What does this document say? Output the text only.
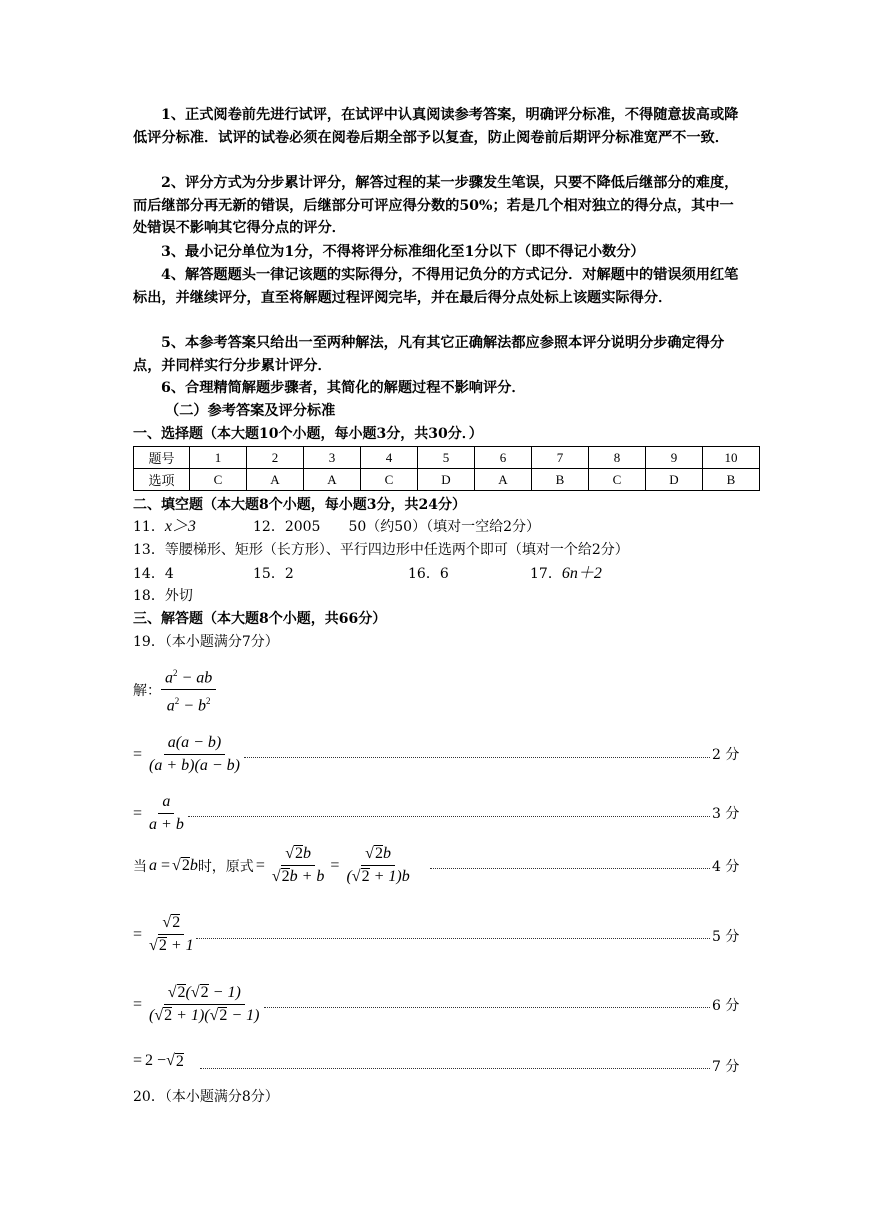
1、正式阅卷前先进行试评，在试评中认真阅读参考答案，明确评分标准，不得随意拔高或降低评分标准．试评的试卷必须在阅卷后期全部予以复查，防止阅卷前后期评分标准宽严不一致．

2、评分方式为分步累计评分，解答过程的某一步骤发生笔误，只要不降低后继部分的难度，而后继部分再无新的错误，后继部分可评应得分数的50%；若是几个相对独立的得分点，其中一处错误不影响其它得分点的评分．

3、最小记分单位为1分，不得将评分标准细化至1分以下（即不得记小数分）

4、解答题题头一律记该题的实际得分，不得用记负分的方式记分．对解题中的错误须用红笔标出，并继续评分，直至将解题过程评阅完毕，并在最后得分点处标上该题实际得分．

5、本参考答案只给出一至两种解法，凡有其它正确解法都应参照本评分说明分步确定得分点，并同样实行分步累计评分．

6、合理精简解题步骤者，其简化的解题过程不影响评分．

（二）参考答案及评分标准

一、选择题（本大题10个小题，每小题3分，共30分．）
题号	1	2	3	4	5	6	7	8	9	10
选项	C	A	A	C	D	A	B	C	D	B
二、填空题（本大题8个小题，每小题3分，共24分）
11．x＞3	12．2005　　50（约50）（填对一空给2分）
13．等腰梯形、矩形（长方形）、平行四边形中任选两个即可（填对一个给2分）
14．4	15．2	16．6	17．6n＋2
18．外切
三、解答题（本大题8个小题，共66分）
19．（本小题满分7分）
解： $\frac{a^2 - ab}{a^2 - b^2}$
= $\frac{a(a - b)}{(a + b)(a - b)}$	2 分
= $\frac{a}{a + b}$	3 分
当 a = √2b 时，原式 = $\frac{√2b}{√2b + b} = \frac{√2b}{(√2 + 1)b}$	4 分
= $\frac{√2}{√2 + 1}$	5 分
= $\frac{√2(√2 - 1)}{(√2 + 1)(√2 - 1)}$	6 分
= 2 − √ 2	7 分
20．（本小题满分8分）
